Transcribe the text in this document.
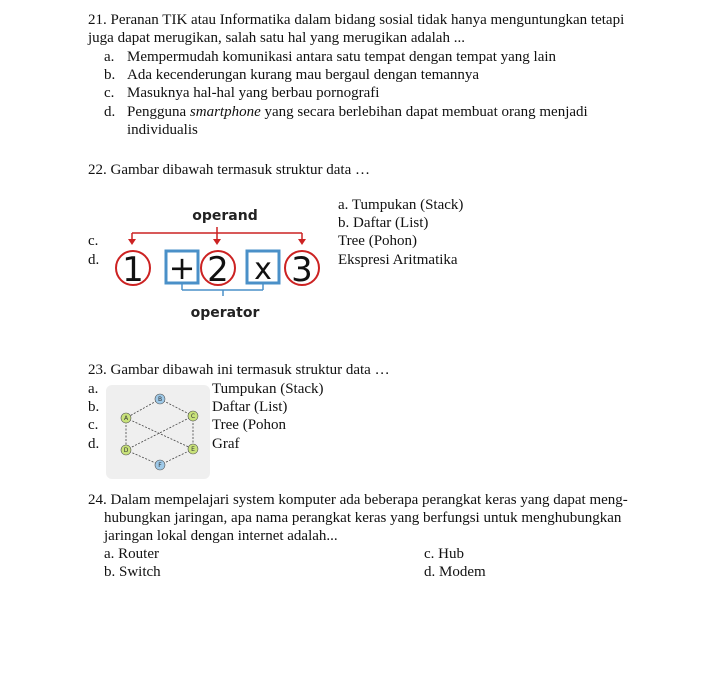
21. Peranan TIK atau Informatika dalam bidang sosial tidak hanya menguntungkan tetapi
juga dapat merugikan, salah satu hal yang merugikan adalah ...
a. Mempermudah komunikasi antara satu tempat dengan tempat yang lain
b. Ada kecenderungan kurang mau bergaul dengan temannya
c. Masuknya hal-hal yang berbau pornografi
d. Pengguna smartphone yang secara berlebihan dapat membuat orang menjadi
individualis
22. Gambar dibawah termasuk struktur data …
a. Tumpukan (Stack)
b. Daftar (List)
c.	Tree (Pohon)
d.	Ekspresi Aritmatika
operand
1 + 2 x 3
operator
23. Gambar dibawah ini termasuk struktur data …
a.
b.
c.
d.
Tumpukan (Stack)
Daftar (List)
Tree (Pohon
Graf
B
A	C
D	E
F
24. Dalam mempelajari system komputer ada beberapa perangkat keras yang dapat meng-
hubungkan jaringan, apa nama perangkat keras yang berfungsi untuk menghubungkan
jaringan lokal dengan internet adalah...
a. Router
b. Switch
c. Hub
d. Modem
